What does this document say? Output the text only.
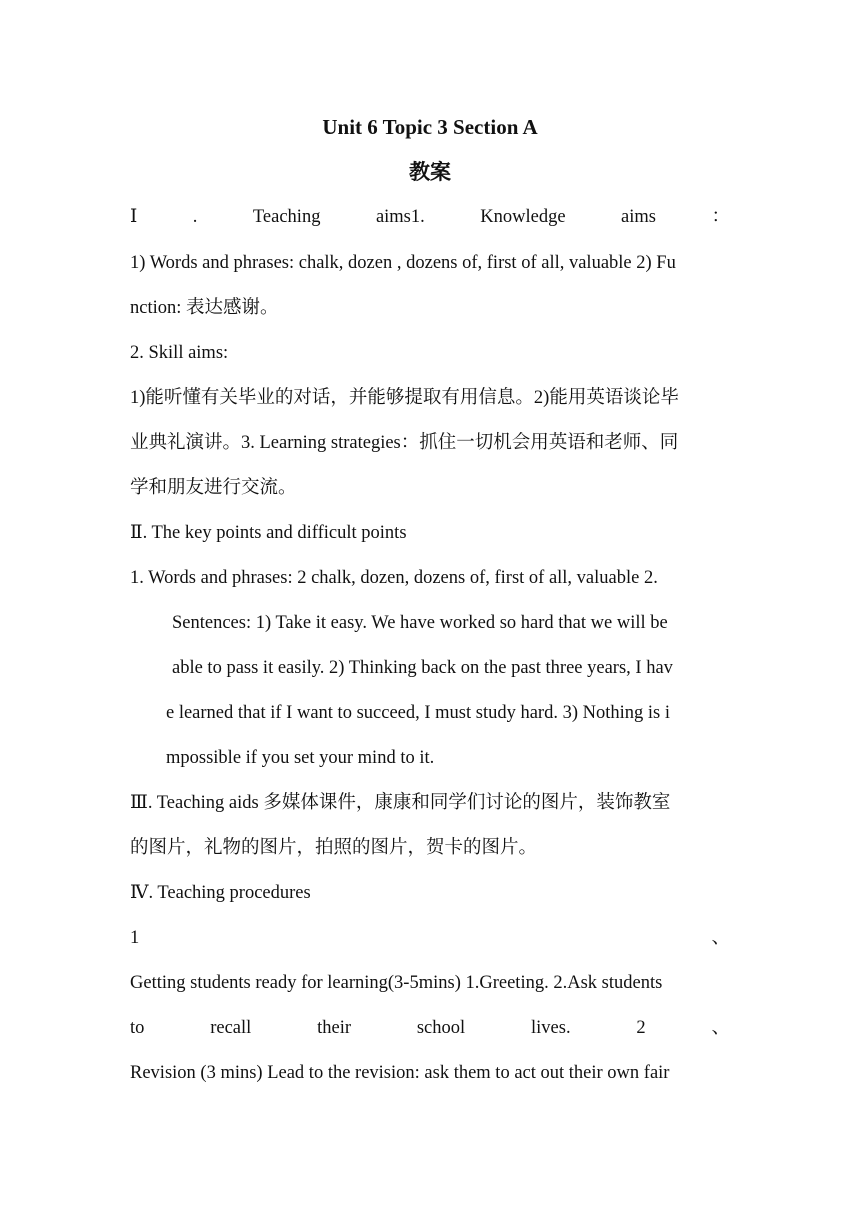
Unit 6 Topic 3 Section A
教案
Ⅰ	.	Teaching	aims1.	Knowledge	aims	：
1) Words and phrases: chalk, dozen , dozens of, first of all, valuable 2) Fu
nction: 表达感谢。
2. Skill aims:
1)能听懂有关毕业的对话，并能够提取有用信息。2)能用英语谈论毕
业典礼演讲。3. Learning strategies：抓住一切机会用英语和老师、同
学和朋友进行交流。
Ⅱ. The key points and difficult points
1. Words and phrases: 2 chalk, dozen, dozens of, first of all, valuable 2.
Sentences: 1) Take it easy. We have worked so hard that we will be
able to pass it easily. 2) Thinking back on the past three years, I hav
e learned that if I want to succeed, I must study hard. 3) Nothing is i
mpossible if you set your mind to it.
Ⅲ. Teaching aids 多媒体课件，康康和同学们讨论的图片，装饰教室
的图片，礼物的图片，拍照的图片，贺卡的图片。
Ⅳ. Teaching procedures
1	、
Getting students ready for learning(3-5mins) 1.Greeting. 2.Ask students
to	recall	their	school	lives.	2	、
Revision (3 mins) Lead to the revision: ask them to act out their own fair
